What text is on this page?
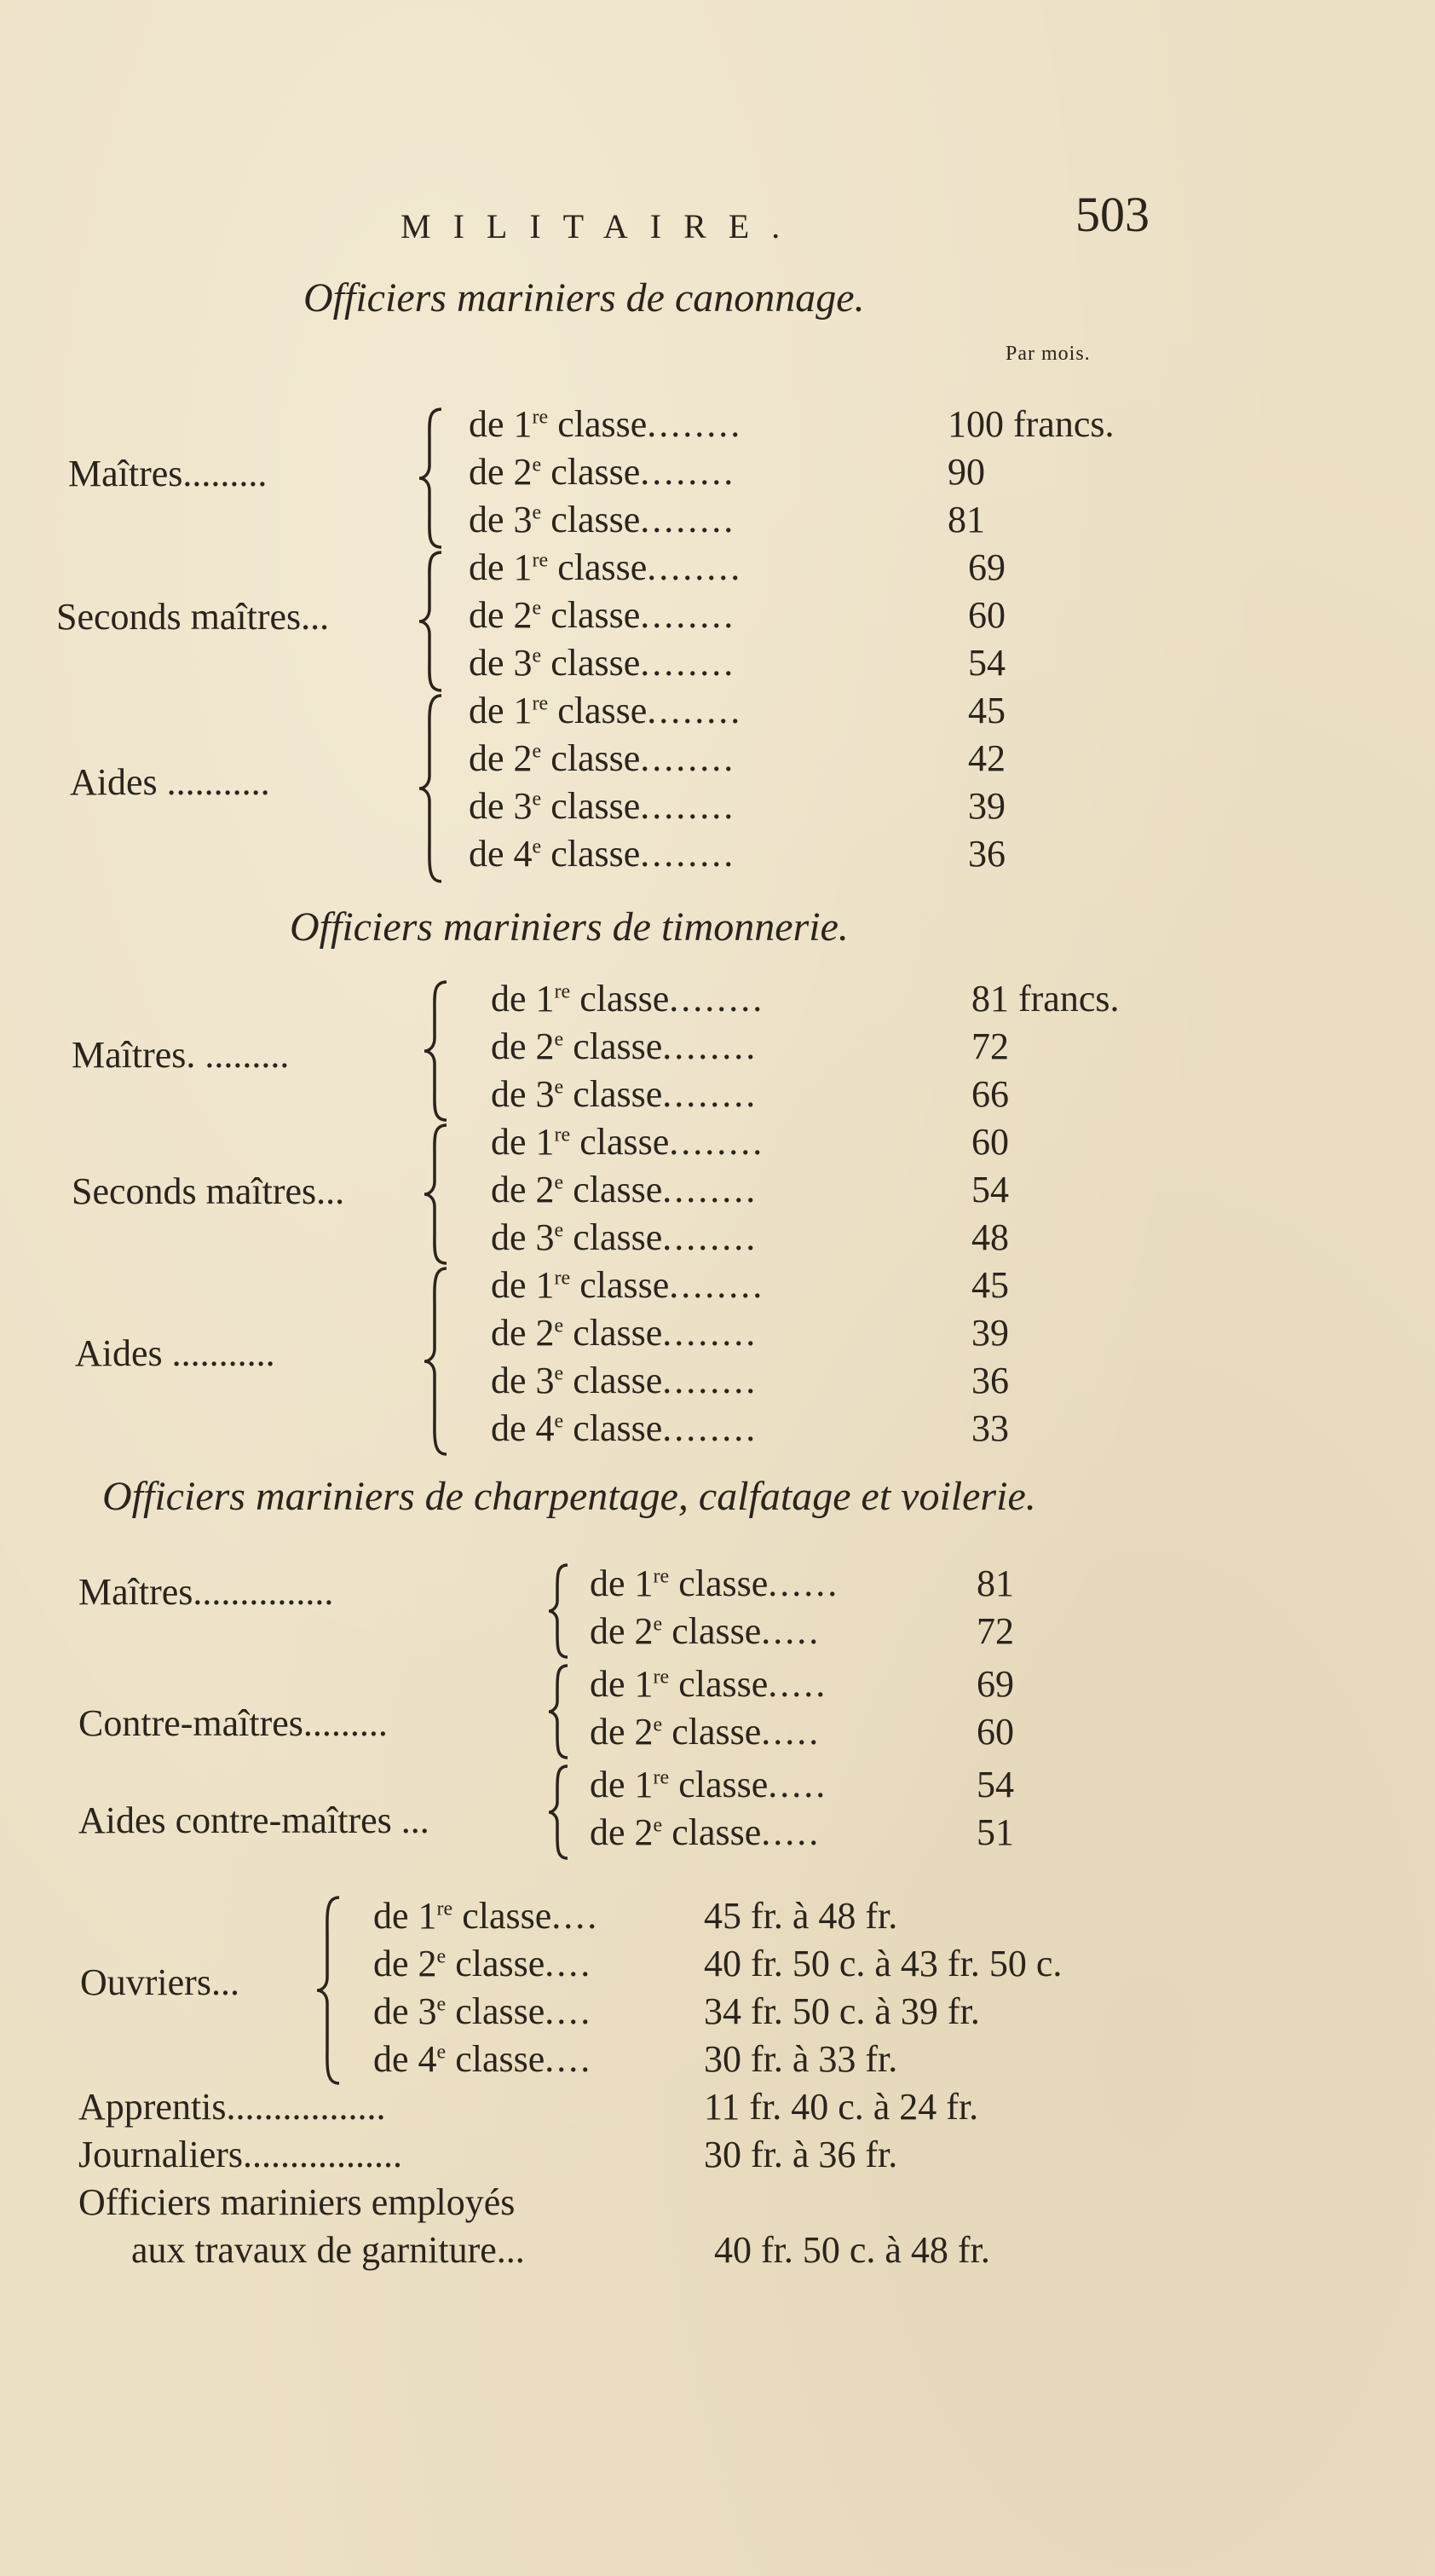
MILITAIRE.	503
Officiers mariniers de canonnage.
Par mois.
Maîtres.........
de 1re classe........	100 francs.
de 2e classe........	90
de 3e classe........	81
Seconds maîtres...
de 1re classe........	69
de 2e classe........	60
de 3e classe........	54
Aides ...........
de 1re classe........	45
de 2e classe........	42
de 3e classe........	39
de 4e classe........	36
Officiers mariniers de timonnerie.
Maîtres. .........
de 1re classe........	81 francs.
de 2e classe........	72
de 3e classe........	66
Seconds maîtres...
de 1re classe........	60
de 2e classe........	54
de 3e classe........	48
Aides ...........
de 1re classe........	45
de 2e classe........	39
de 3e classe........	36
de 4e classe........	33
Officiers mariniers de charpentage, calfatage et voilerie.
Maîtres...............	de 1re classe......	81
de 2e classe.....	72
Contre-maîtres.........
de 1re classe.....	69
de 2e classe.....	60
Aides contre-maîtres ...
de 1re classe.....	54
de 2e classe.....	51
Ouvriers...
de 1re classe....	45 fr. à 48 fr.
de 2e classe....	40 fr. 50 c. à 43 fr. 50 c.
de 3e classe....	34 fr. 50 c. à 39 fr.
de 4e classe....	30 fr. à 33 fr.
Apprentis.................	11 fr. 40 c. à 24 fr.
Journaliers.................	30 fr. à 36 fr.
Officiers mariniers employés
aux travaux de garniture...	40 fr. 50 c. à 48 fr.
